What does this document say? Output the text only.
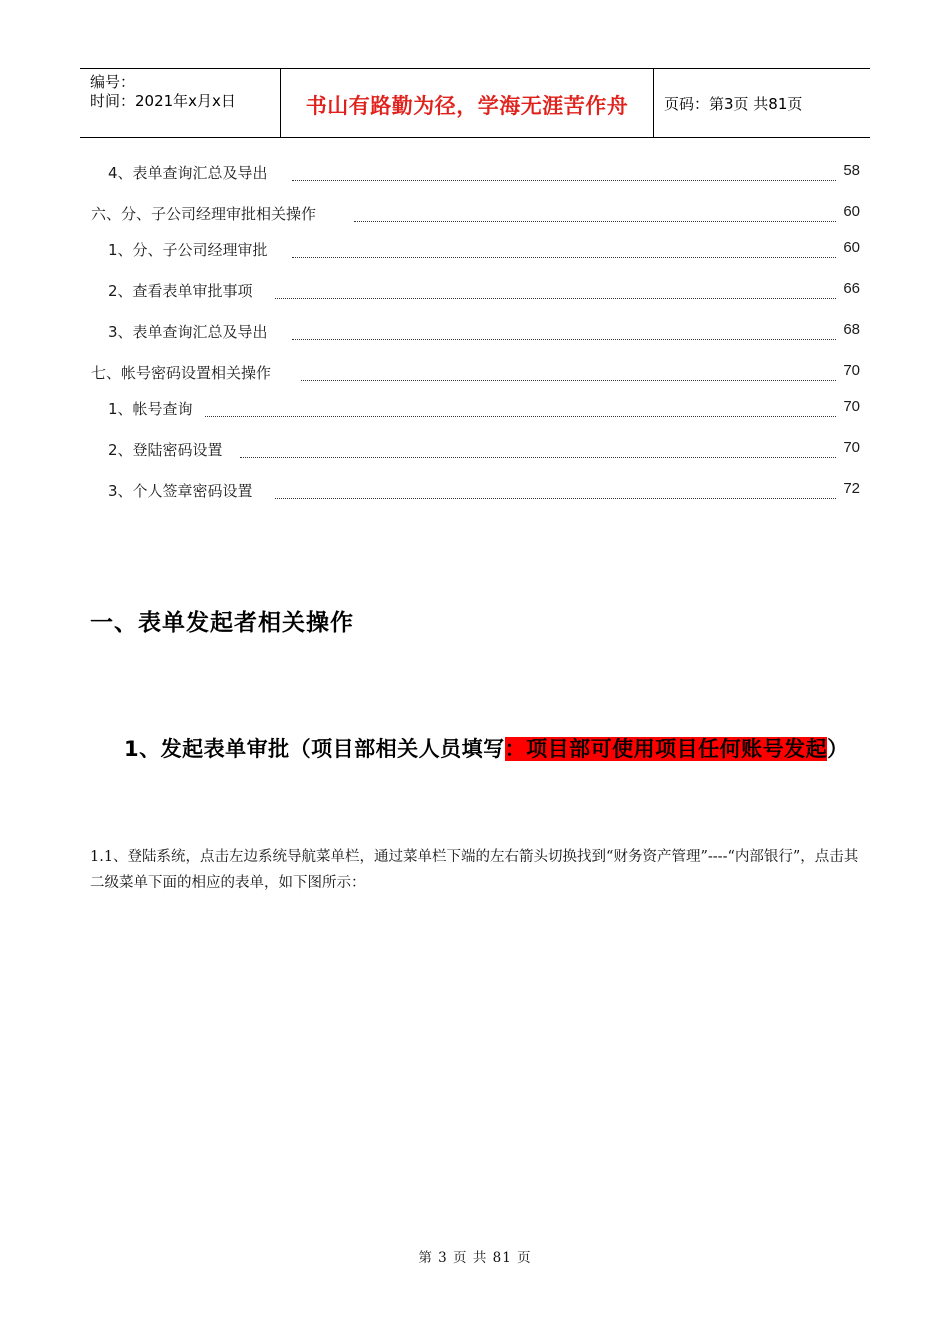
编号：
时间：2021年x月x日	书山有路勤为径，学海无涯苦作舟 页码：第3页 共81页
4、表单查询汇总及导出	58
六、分、子公司经理审批相关操作	60
1、分、子公司经理审批	60
2、查看表单审批事项	66
3、表单查询汇总及导出	68
七、帐号密码设置相关操作	70
1、帐号查询	70
2、登陆密码设置	70
3、个人签章密码设置	72
一、表单发起者相关操作
1、发起表单审批（项目部相关人员填写：项目部可使用项目任何账号发起）
1.1、登陆系统，点击左边系统导航菜单栏，通过菜单栏下端的左右箭头切换找到“财务资产管理”----“内部银行”，点击其二级菜单下面的相应的表单，如下图所示：
第 3 页 共 81 页
